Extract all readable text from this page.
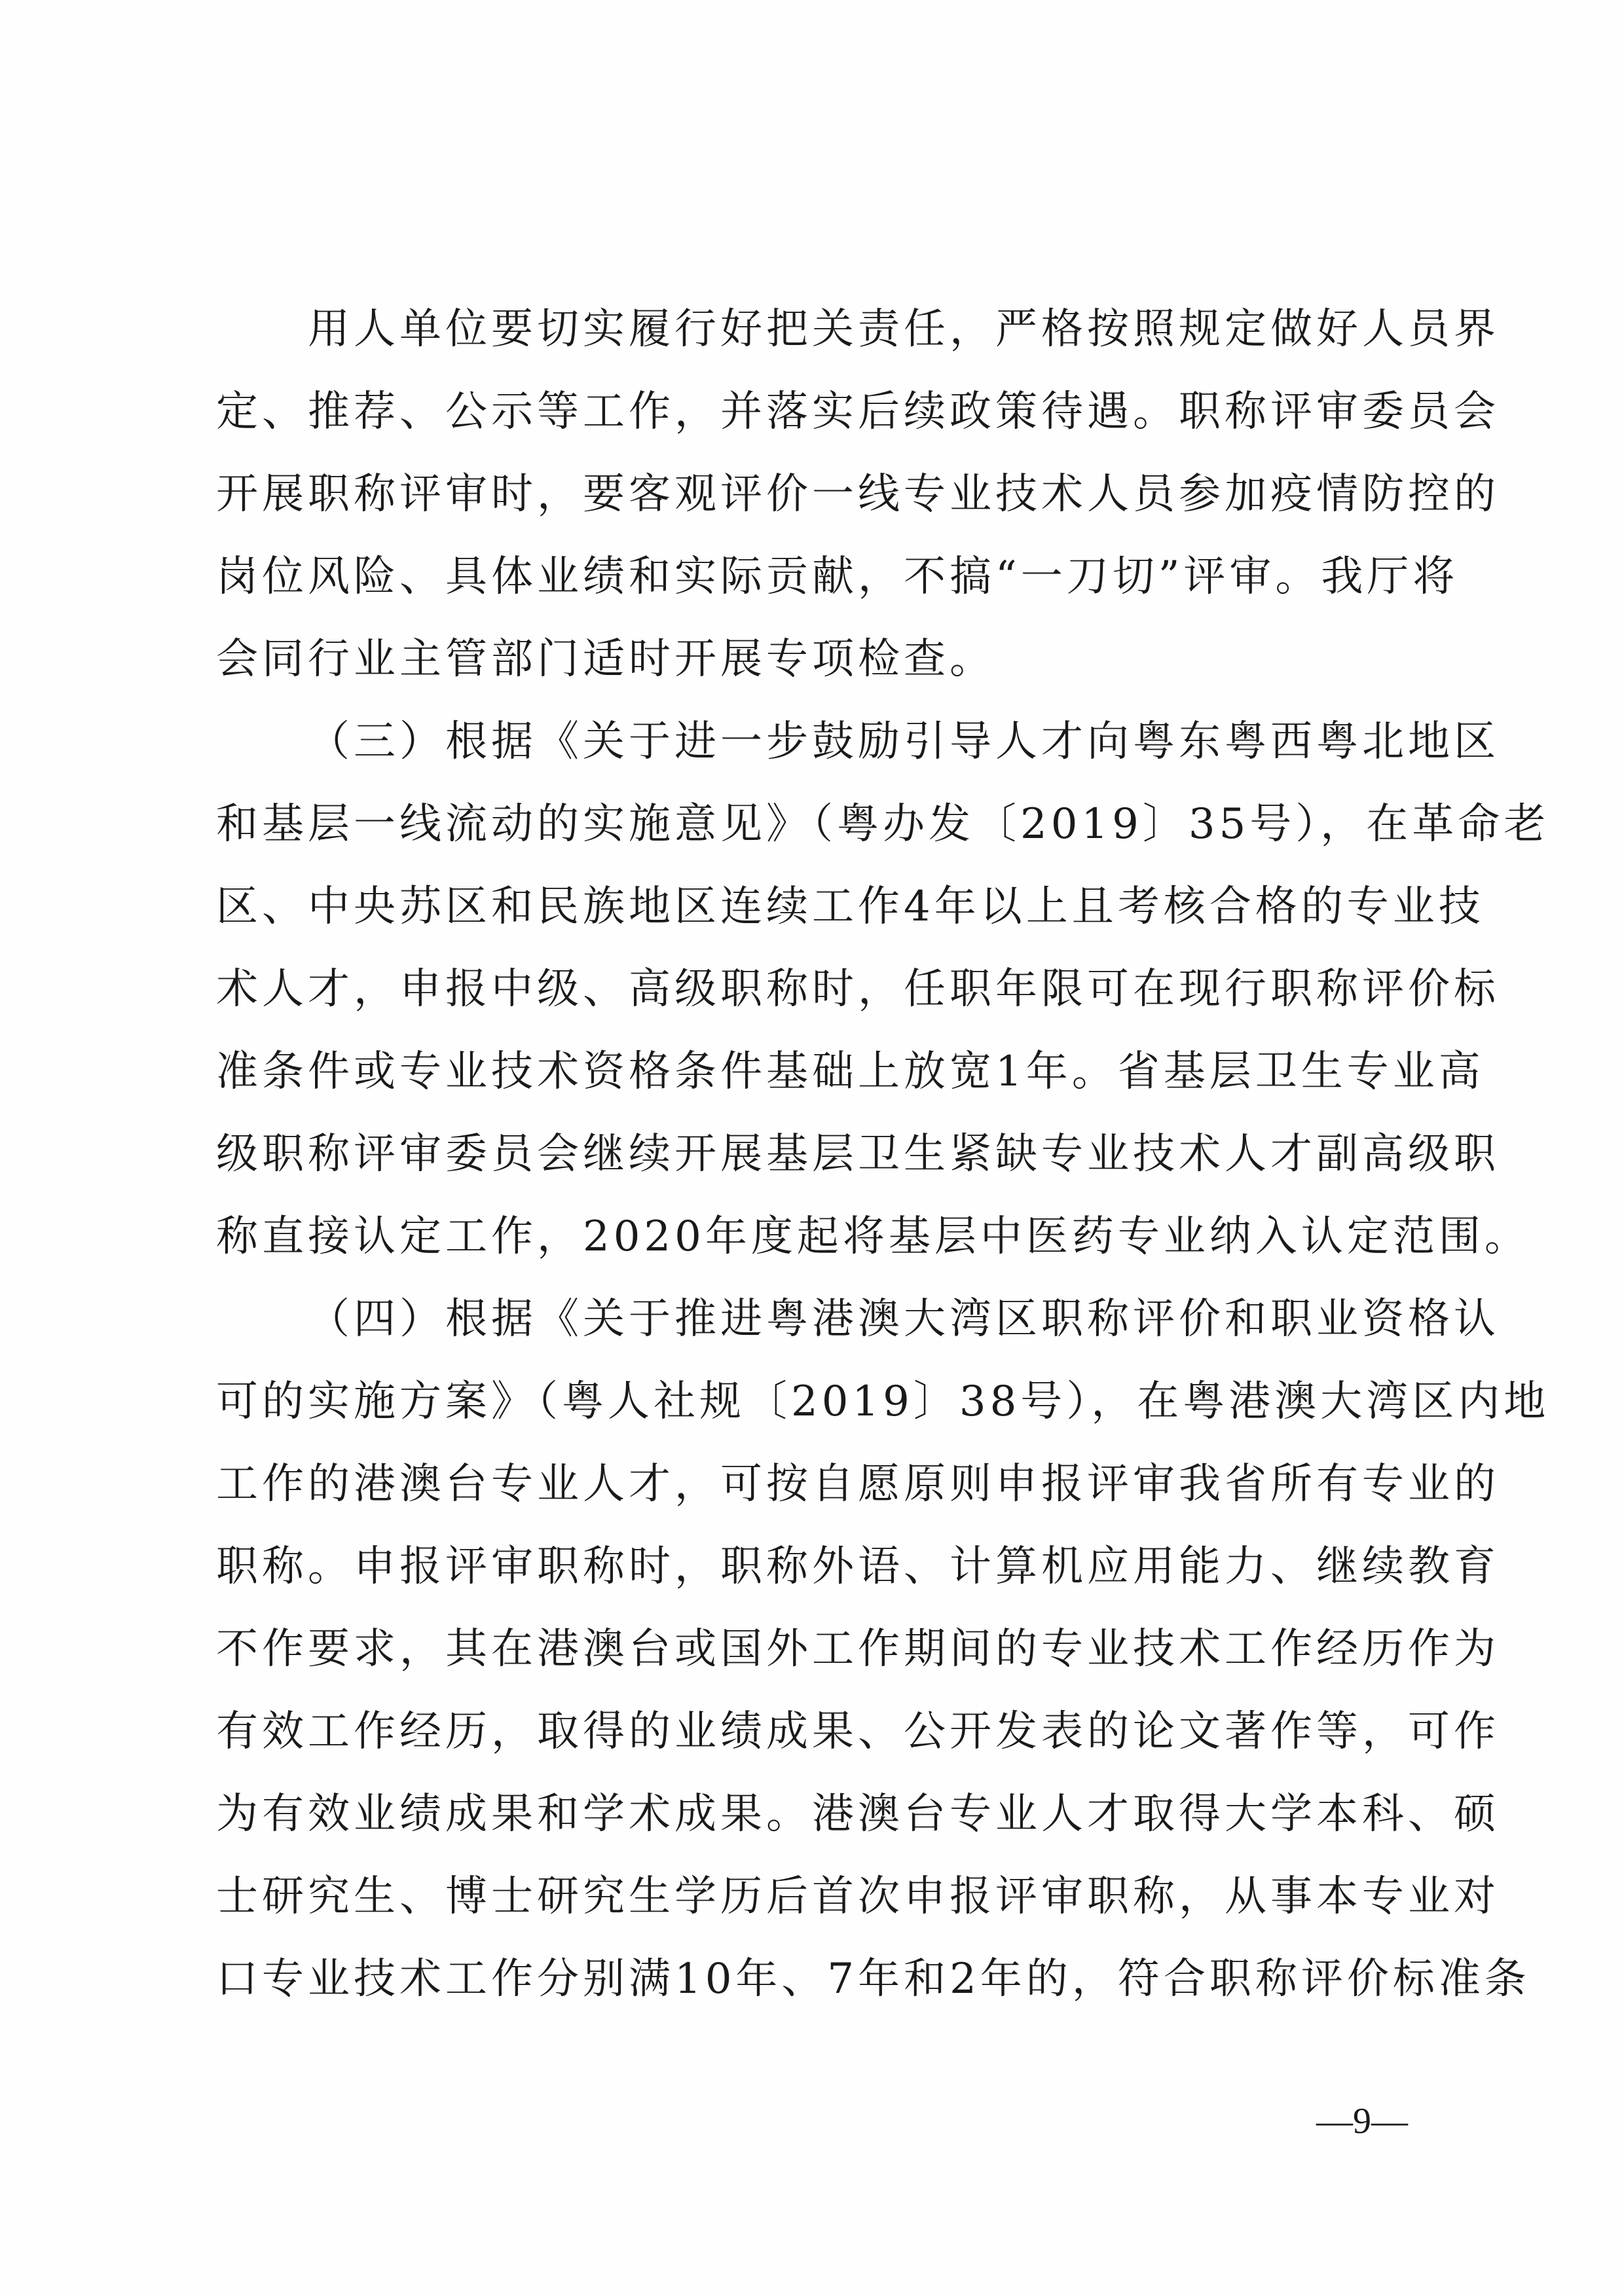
用人单位要切实履行好把关责任，严格按照规定做好人员界
定、推荐、公示等工作，并落实后续政策待遇。职称评审委员会
开展职称评审时，要客观评价一线专业技术人员参加疫情防控的
岗位风险、具体业绩和实际贡献，不搞“一刀切”评审。我厅将
会同行业主管部门适时开展专项检查。
（三）根据《关于进一步鼓励引导人才向粤东粤西粤北地区
和基层一线流动的实施意见》（粤办发〔2019〕35号），在革命老
区、中央苏区和民族地区连续工作4年以上且考核合格的专业技
术人才，申报中级、高级职称时，任职年限可在现行职称评价标
准条件或专业技术资格条件基础上放宽1年。省基层卫生专业高
级职称评审委员会继续开展基层卫生紧缺专业技术人才副高级职
称直接认定工作，2020年度起将基层中医药专业纳入认定范围。
（四）根据《关于推进粤港澳大湾区职称评价和职业资格认
可的实施方案》（粤人社规〔2019〕38号），在粤港澳大湾区内地
工作的港澳台专业人才，可按自愿原则申报评审我省所有专业的
职称。申报评审职称时，职称外语、计算机应用能力、继续教育
不作要求，其在港澳台或国外工作期间的专业技术工作经历作为
有效工作经历，取得的业绩成果、公开发表的论文著作等，可作
为有效业绩成果和学术成果。港澳台专业人才取得大学本科、硕
士研究生、博士研究生学历后首次申报评审职称，从事本专业对
口专业技术工作分别满10年、7年和2年的，符合职称评价标准条
—9—
